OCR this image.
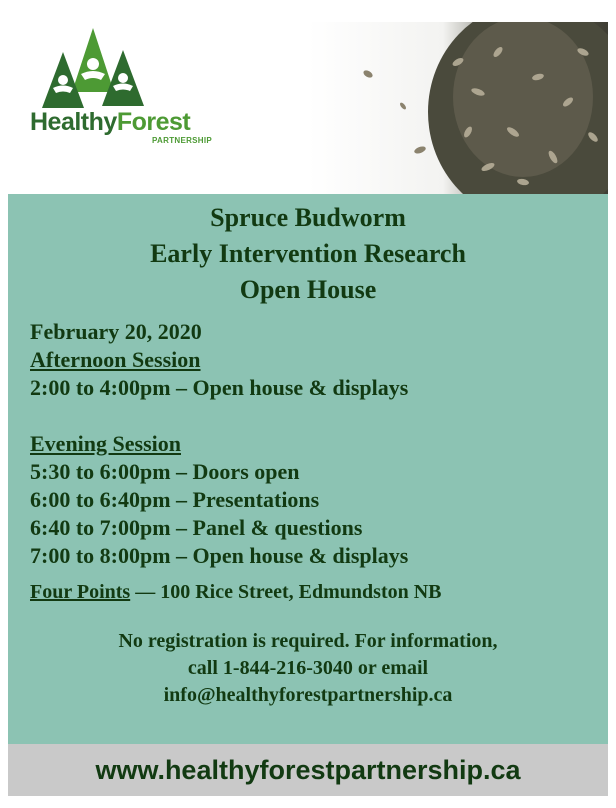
HealthyForest
PARTNERSHIP
Spruce Budworm
Early Intervention Research
Open House
February 20, 2020
Afternoon Session
2:00 to 4:00pm – Open house & displays
Evening Session
5:30 to 6:00pm – Doors open
6:00 to 6:40pm – Presentations
6:40 to 7:00pm – Panel & questions
7:00 to 8:00pm – Open house & displays
Four Points — 100 Rice Street, Edmundston NB
No registration is required. For information,
call 1-844-216-3040 or email
info@healthyforestpartnership.ca
www.healthyforestpartnership.ca
